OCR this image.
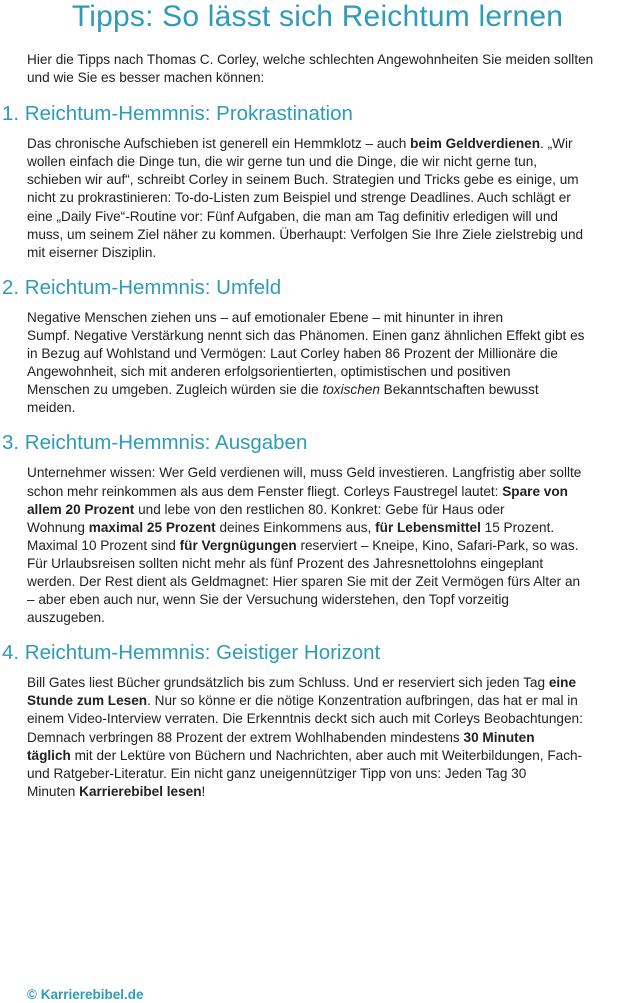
Tipps: So lässt sich Reichtum lernen

Hier die Tipps nach Thomas C. Corley, welche schlechten Angewohnheiten Sie meiden sollten und wie Sie es besser machen können:

1. Reichtum-Hemmnis: Prokrastination

Das chronische Aufschieben ist generell ein Hemmklotz – auch beim Geldverdienen. „Wir
wollen einfach die Dinge tun, die wir gerne tun und die Dinge, die wir nicht gerne tun,
schieben wir auf“, schreibt Corley in seinem Buch. Strategien und Tricks gebe es einige, um
nicht zu prokrastinieren: To-do-Listen zum Beispiel und strenge Deadlines. Auch schlägt er
eine „Daily Five“-Routine vor: Fünf Aufgaben, die man am Tag definitiv erledigen will und
muss, um seinem Ziel näher zu kommen. Überhaupt: Verfolgen Sie Ihre Ziele zielstrebig und
mit eiserner Disziplin.

2. Reichtum-Hemmnis: Umfeld

Negative Menschen ziehen uns – auf emotionaler Ebene – mit hinunter in ihren
Sumpf. Negative Verstärkung nennt sich das Phänomen. Einen ganz ähnlichen Effekt gibt es
in Bezug auf Wohlstand und Vermögen: Laut Corley haben 86 Prozent der Millionäre die
Angewohnheit, sich mit anderen erfolgsorientierten, optimistischen und positiven
Menschen zu umgeben. Zugleich würden sie die toxischen Bekanntschaften bewusst
meiden.

3. Reichtum-Hemmnis: Ausgaben

Unternehmer wissen: Wer Geld verdienen will, muss Geld investieren. Langfristig aber sollte
schon mehr reinkommen als aus dem Fenster fliegt. Corleys Faustregel lautet: Spare von
allem 20 Prozent und lebe von den restlichen 80. Konkret: Gebe für Haus oder
Wohnung maximal 25 Prozent deines Einkommens aus, für Lebensmittel 15 Prozent.
Maximal 10 Prozent sind für Vergnügungen reserviert – Kneipe, Kino, Safari-Park, so was.
Für Urlaubsreisen sollten nicht mehr als fünf Prozent des Jahresnettolohns eingeplant
werden. Der Rest dient als Geldmagnet: Hier sparen Sie mit der Zeit Vermögen fürs Alter an
– aber eben auch nur, wenn Sie der Versuchung widerstehen, den Topf vorzeitig
auszugeben.

4. Reichtum-Hemmnis: Geistiger Horizont

Bill Gates liest Bücher grundsätzlich bis zum Schluss. Und er reserviert sich jeden Tag eine
Stunde zum Lesen. Nur so könne er die nötige Konzentration aufbringen, das hat er mal in
einem Video-Interview verraten. Die Erkenntnis deckt sich auch mit Corleys Beobachtungen:
Demnach verbringen 88 Prozent der extrem Wohlhabenden mindestens 30 Minuten
täglich mit der Lektüre von Büchern und Nachrichten, aber auch mit Weiterbildungen, Fach-
und Ratgeber-Literatur. Ein nicht ganz uneigennütziger Tipp von uns: Jeden Tag 30
Minuten Karrierebibel lesen!

© Karrierebibel.de
